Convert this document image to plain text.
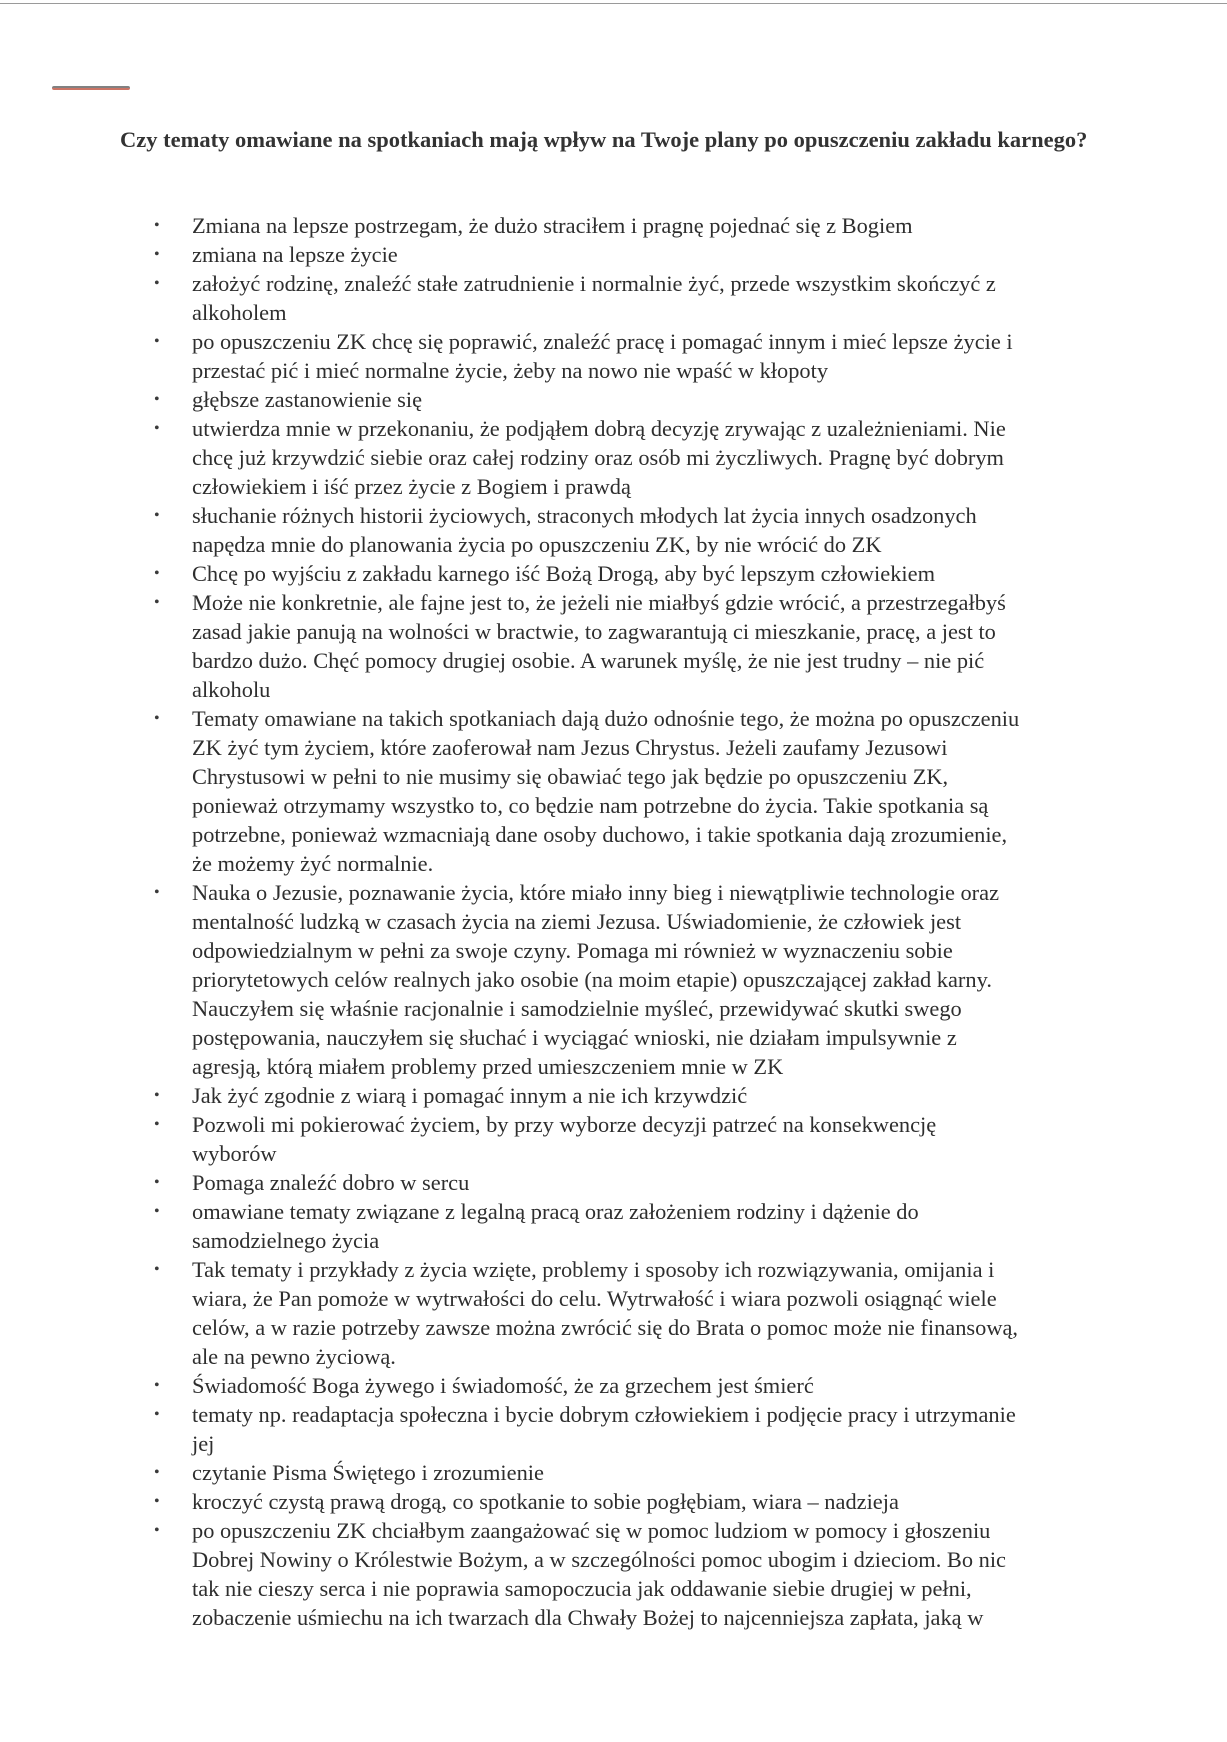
Czy tematy omawiane na spotkaniach mają wpływ na Twoje plany po opuszczeniu zakładu karnego?
•	Zmiana na lepsze postrzegam, że dużo straciłem i pragnę pojednać się z Bogiem
•	zmiana na lepsze życie
•	założyć rodzinę, znaleźć stałe zatrudnienie i normalnie żyć, przede wszystkim skończyć z
alkoholem
•	po opuszczeniu ZK chcę się poprawić, znaleźć pracę i pomagać innym i mieć lepsze życie i
przestać pić i mieć normalne życie, żeby na nowo nie wpaść w kłopoty
•	głębsze zastanowienie się
•	utwierdza mnie w przekonaniu, że podjąłem dobrą decyzję zrywając z uzależnieniami. Nie
chcę już krzywdzić siebie oraz całej rodziny oraz osób mi życzliwych. Pragnę być dobrym
człowiekiem i iść przez życie z Bogiem i prawdą
•	słuchanie różnych historii życiowych, straconych młodych lat życia innych osadzonych
napędza mnie do planowania życia po opuszczeniu ZK, by nie wrócić do ZK
•	Chcę po wyjściu z zakładu karnego iść Bożą Drogą, aby być lepszym człowiekiem
•	Może nie konkretnie, ale fajne jest to, że jeżeli nie miałbyś gdzie wrócić, a przestrzegałbyś
zasad jakie panują na wolności w bractwie, to zagwarantują ci mieszkanie, pracę, a jest to
bardzo dużo. Chęć pomocy drugiej osobie. A warunek myślę, że nie jest trudny – nie pić
alkoholu
•	Tematy omawiane na takich spotkaniach dają dużo odnośnie tego, że można po opuszczeniu
ZK żyć tym życiem, które zaoferował nam Jezus Chrystus. Jeżeli zaufamy Jezusowi
Chrystusowi w pełni to nie musimy się obawiać tego jak będzie po opuszczeniu ZK,
ponieważ otrzymamy wszystko to, co będzie nam potrzebne do życia. Takie spotkania są
potrzebne, ponieważ wzmacniają dane osoby duchowo, i takie spotkania dają zrozumienie,
że możemy żyć normalnie.
•	Nauka o Jezusie, poznawanie życia, które miało inny bieg i niewątpliwie technologie oraz
mentalność ludzką w czasach życia na ziemi Jezusa. Uświadomienie, że człowiek jest
odpowiedzialnym w pełni za swoje czyny. Pomaga mi również w wyznaczeniu sobie
priorytetowych celów realnych jako osobie (na moim etapie) opuszczającej zakład karny.
Nauczyłem się właśnie racjonalnie i samodzielnie myśleć, przewidywać skutki swego
postępowania, nauczyłem się słuchać i wyciągać wnioski, nie działam impulsywnie z
agresją, którą miałem problemy przed umieszczeniem mnie w ZK
•	Jak żyć zgodnie z wiarą i pomagać innym a nie ich krzywdzić
•	Pozwoli mi pokierować życiem, by przy wyborze decyzji patrzeć na konsekwencję
wyborów
•	Pomaga znaleźć dobro w sercu
•	omawiane tematy związane z legalną pracą oraz założeniem rodziny i dążenie do
samodzielnego życia
•	Tak tematy i przykłady z życia wzięte, problemy i sposoby ich rozwiązywania, omijania i
wiara, że Pan pomoże w wytrwałości do celu. Wytrwałość i wiara pozwoli osiągnąć wiele
celów, a w razie potrzeby zawsze można zwrócić się do Brata o pomoc może nie finansową,
ale na pewno życiową.
•	Świadomość Boga żywego i świadomość, że za grzechem jest śmierć
•	tematy np. readaptacja społeczna i bycie dobrym człowiekiem i podjęcie pracy i utrzymanie
jej
•	czytanie Pisma Świętego i zrozumienie
•	kroczyć czystą prawą drogą, co spotkanie to sobie pogłębiam, wiara – nadzieja
•	po opuszczeniu ZK chciałbym zaangażować się w pomoc ludziom w pomocy i głoszeniu
Dobrej Nowiny o Królestwie Bożym, a w szczególności pomoc ubogim i dzieciom. Bo nic
tak nie cieszy serca i nie poprawia samopoczucia jak oddawanie siebie drugiej w pełni,
zobaczenie uśmiechu na ich twarzach dla Chwały Bożej to najcenniejsza zapłata, jaką w
